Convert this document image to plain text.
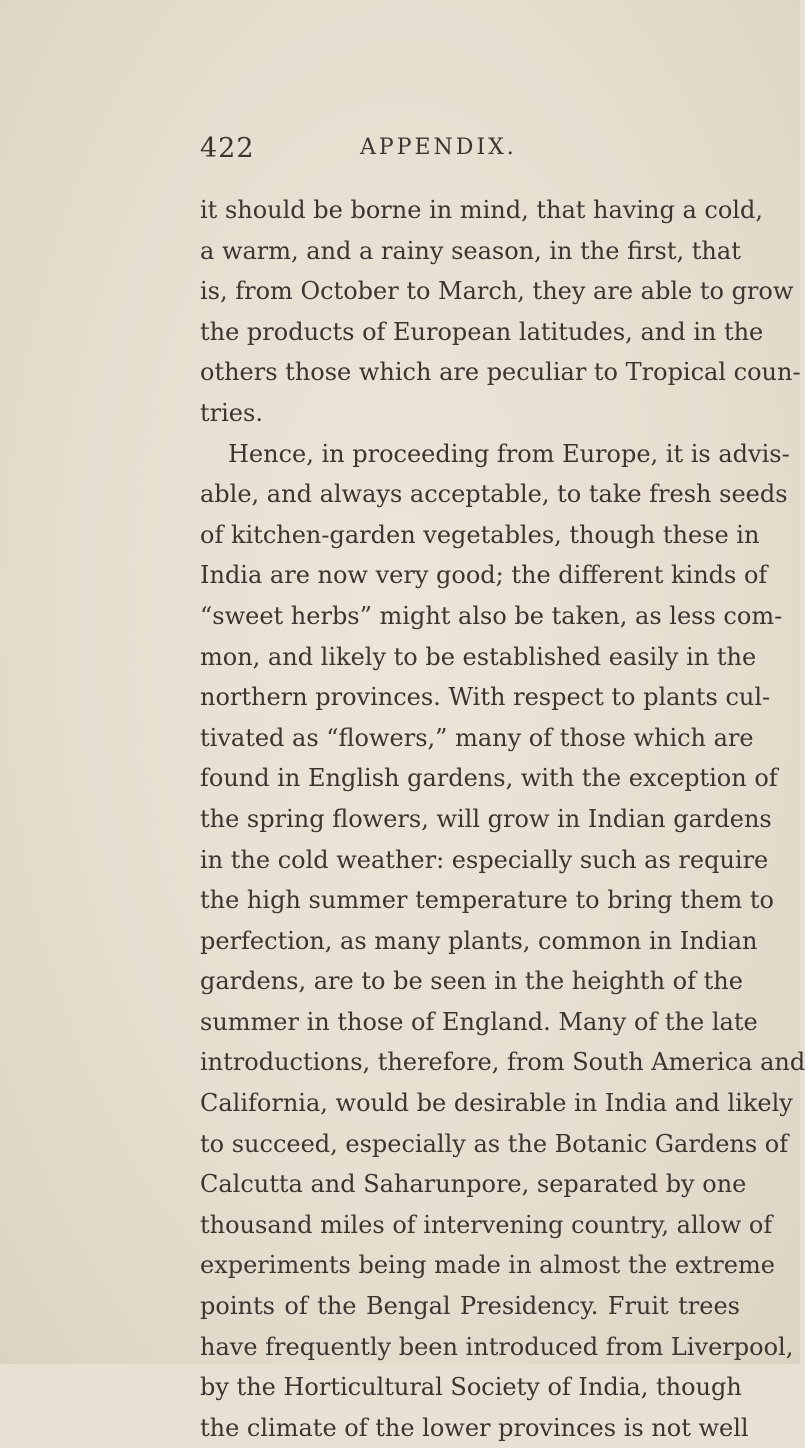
422	APPENDIX.
it should be borne in mind, that having a cold,
a warm, and a rainy season, in the first, that
is, from October to March, they are able to grow
the products of European latitudes, and in the
others those which are peculiar to Tropical coun-
tries.
Hence, in proceeding from Europe, it is advis-
able, and always acceptable, to take fresh seeds
of kitchen-garden vegetables, though these in
India are now very good; the different kinds of
“sweet herbs” might also be taken, as less com-
mon, and likely to be established easily in the
northern provinces. With respect to plants cul-
tivated as “flowers,” many of those which are
found in English gardens, with the exception of
the spring flowers, will grow in Indian gardens
in the cold weather: especially such as require
the high summer temperature to bring them to
perfection, as many plants, common in Indian
gardens, are to be seen in the heighth of the
summer in those of England. Many of the late
introductions, therefore, from South America and
California, would be desirable in India and likely
to succeed, especially as the Botanic Gardens of
Calcutta and Saharunpore, separated by one
thousand miles of intervening country, allow of
experiments being made in almost the extreme
points of the Bengal Presidency. Fruit trees
have frequently been introduced from Liverpool,
by the Horticultural Society of India, though
the climate of the lower provinces is not well
